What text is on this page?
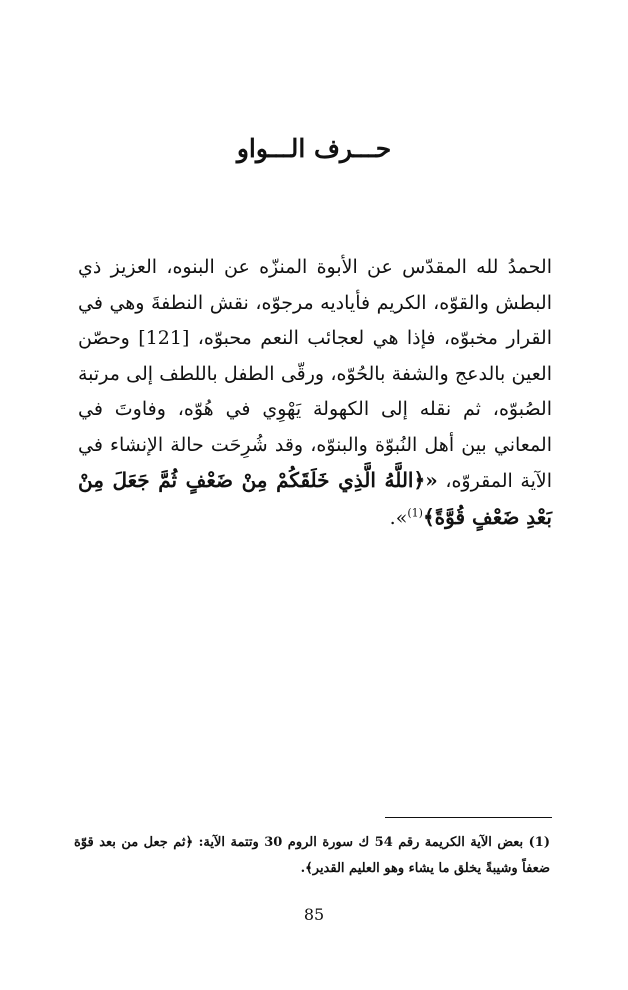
حـــرف الـــواو
الحمدُ لله المقدّس عن الأبوة المنزّه عن البنوه، العزيز ذي البطش والقوّه، الكريم فأياديه مرجوّه، نقش النطفةَ وهي في القرار مخبوّه، فإذا هي لعجائب النعم محبوّه، [121] وحصّن العين بالدعج والشفة بالحُوّه، ورقّى الطفل باللطف إلى مرتبة الصُبوّه، ثم نقله إلى الكهولة يَهْوِي في هُوّه، وفاوتَ في المعاني بين أهل النُبوّة والبنوّه، وقد شُرِحَت حالة الإنشاء في الآية المقروّه، «﴿اللَّهُ الَّذِي خَلَقَكُمْ مِنْ ضَعْفٍ ثُمَّ جَعَلَ مِنْ بَعْدِ ضَعْفٍ قُوَّةً﴾$^{(1)}$».
(1) بعض الآية الكريمة رقم 54 ك سورة الروم 30 وتتمة الآية: ﴿ثم جعل من بعد قوّة ضعفاً وشيبةً يخلق ما يشاء وهو العليم القدير﴾.
85
